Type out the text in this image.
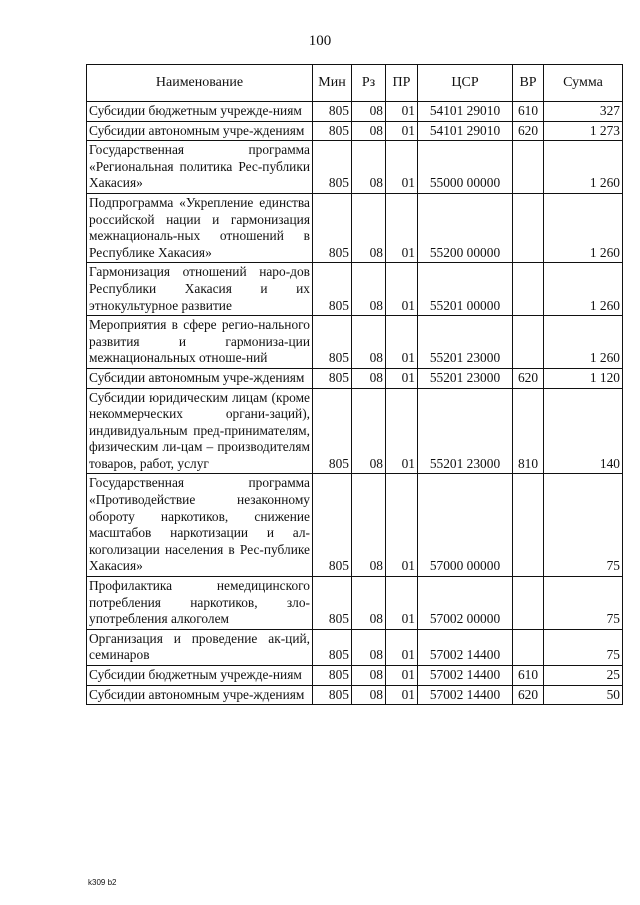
100
Наименование	Мин	Рз	ПР	ЦСР	ВР	Сумма
Субсидии бюджетным учрежде-ниям	805	08	01	54101 29010	610	327
Субсидии автономным учре-ждениям	805	08	01	54101 29010	620	1 273
Государственная программа «Региональная политика Рес-публики Хакасия»	805	08	01	55000 00000		1 260
Подпрограмма «Укрепление единства российской нации и гармонизация межнациональ-ных отношений в Республике Хакасия»	805	08	01	55200 00000		1 260
Гармонизация отношений наро-дов Республики Хакасия и их этнокультурное развитие	805	08	01	55201 00000		1 260
Мероприятия в сфере регио-нального развития и гармониза-ции межнациональных отноше-ний	805	08	01	55201 23000		1 260
Субсидии автономным учре-ждениям	805	08	01	55201 23000	620	1 120
Субсидии юридическим лицам (кроме некоммерческих органи-заций), индивидуальным пред-принимателям, физическим ли-цам – производителям товаров, работ, услуг	805	08	01	55201 23000	810	140
Государственная программа «Противодействие незаконному обороту наркотиков, снижение масштабов наркотизации и ал-коголизации населения в Рес-публике Хакасия»	805	08	01	57000 00000		75
Профилактика немедицинского потребления наркотиков, зло-употребления алкоголем	805	08	01	57002 00000		75
Организация и проведение ак-ций, семинаров	805	08	01	57002 14400		75
Субсидии бюджетным учрежде-ниям	805	08	01	57002 14400	610	25
Субсидии автономным учре-ждениям	805	08	01	57002 14400	620	50
k309 b2
